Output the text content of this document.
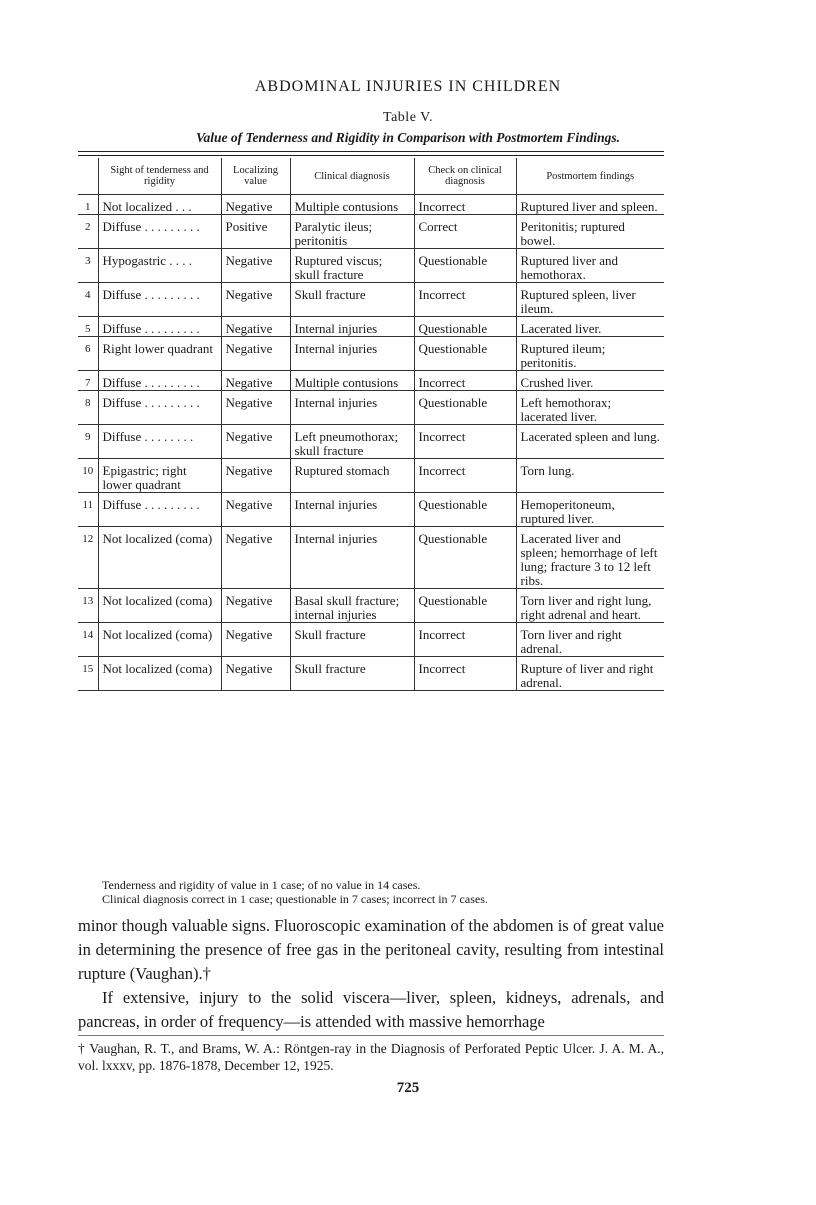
ABDOMINAL INJURIES IN CHILDREN
Table V.
Value of Tenderness and Rigidity in Comparison with Postmortem Findings.
	Sight of tenderness and rigidity	Localizing value	Clinical diagnosis	Check on clinical diagnosis	Postmortem findings
1	Not localized . . .	Negative	Multiple contusions	Incorrect	Ruptured liver and spleen.
2	Diffuse . . . . . . . . .	Positive	Paralytic ileus; peritonitis	Correct	Peritonitis; ruptured bowel.
3	Hypogastric . . . .	Negative	Ruptured viscus; skull fracture	Questionable	Ruptured liver and hemothorax.
4	Diffuse . . . . . . . . .	Negative	Skull fracture	Incorrect	Ruptured spleen, liver ileum.
5	Diffuse . . . . . . . . .	Negative	Internal injuries	Questionable	Lacerated liver.
6	Right lower quadrant	Negative	Internal injuries	Questionable	Ruptured ileum; peritonitis.
7	Diffuse . . . . . . . . .	Negative	Multiple contusions	Incorrect	Crushed liver.
8	Diffuse . . . . . . . . .	Negative	Internal injuries	Questionable	Left hemothorax; lacerated liver.
9	Diffuse . . . . . . . .	Negative	Left pneumothorax; skull fracture	Incorrect	Lacerated spleen and lung.
10	Epigastric; right lower quadrant	Negative	Ruptured stomach	Incorrect	Torn lung.
11	Diffuse . . . . . . . . .	Negative	Internal injuries	Questionable	Hemoperitoneum, ruptured liver.
12	Not localized (coma)	Negative	Internal injuries	Questionable	Lacerated liver and spleen; hemorrhage of left lung; fracture 3 to 12 left ribs.
13	Not localized (coma)	Negative	Basal skull fracture; internal injuries	Questionable	Torn liver and right lung, right adrenal and heart.
14	Not localized (coma)	Negative	Skull fracture	Incorrect	Torn liver and right adrenal.
15	Not localized (coma)	Negative	Skull fracture	Incorrect	Rupture of liver and right adrenal.
Tenderness and rigidity of value in 1 case; of no value in 14 cases.
Clinical diagnosis correct in 1 case; questionable in 7 cases; incorrect in 7 cases.

minor though valuable signs. Fluoroscopic examination of the abdomen is of great value in determining the presence of free gas in the peritoneal cavity, resulting from intestinal rupture (Vaughan).†

If extensive, injury to the solid viscera—liver, spleen, kidneys, adrenals, and pancreas, in order of frequency—is attended with massive hemorrhage

† Vaughan, R. T., and Brams, W. A.: Röntgen-ray in the Diagnosis of Perforated Peptic Ulcer. J. A. M. A., vol. lxxxv, pp. 1876-1878, December 12, 1925.
725
